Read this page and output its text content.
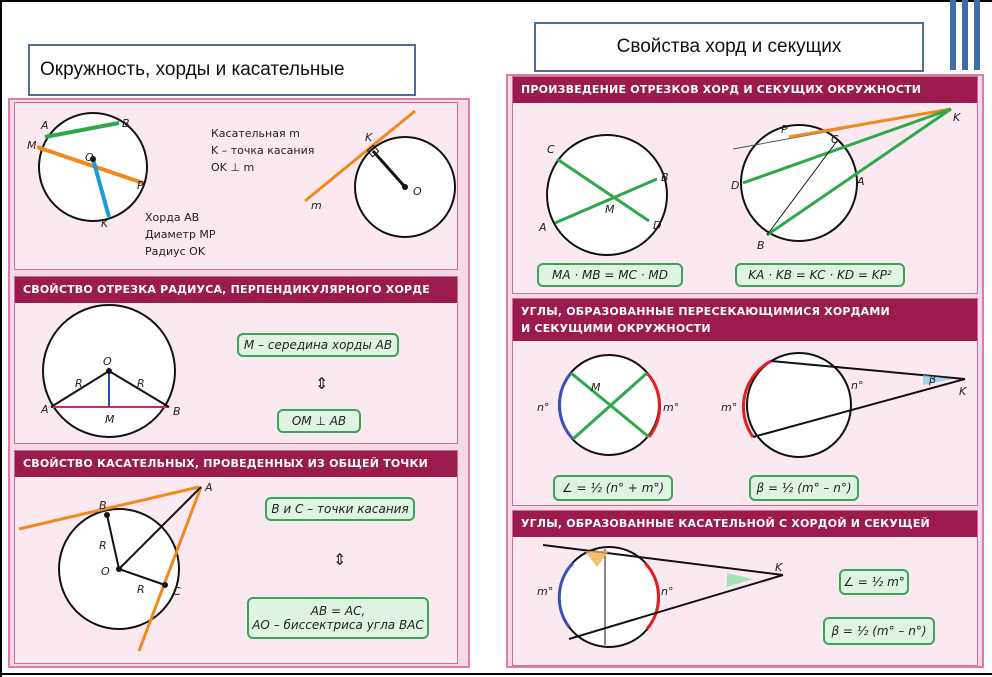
Окружность, хорды и касательные
Свойства хорд и секущих
A	B
M
O
P
K
K
O
m
Касательная m
K – точка касания
OK ⊥ m
Хорда AB
Диаметр MP
Радиус OK
СВОЙСТВО ОТРЕЗКА РАДИУСА, ПЕРПЕНДИКУЛЯРНОГО ХОРДЕ
O
R	R
A	B
M
⇕
M – середина хорды AB
OM ⊥ AB
СВОЙСТВО КАСАТЕЛЬНЫХ, ПРОВЕДЕННЫХ ИЗ ОБЩЕЙ ТОЧКИ
A
B
C
O
R
R
⇕
B и C – точки касания
AB = AC,
AO – биссектриса угла BAC
ПРОИЗВЕДЕНИЕ ОТРЕЗКОВ ХОРД И СЕКУЩИХ ОКРУЖНОСТИ
C
B
A	D
M
P
C
D	A
B
K
MA · MB = MC · MD	KA · KB = KC · KD = KP²
УГЛЫ, ОБРАЗОВАННЫЕ ПЕРЕСЕКАЮЩИМИСЯ ХОРДАМИ
И СЕКУЩИМИ ОКРУЖНОСТИ
n°	m°
M
β
K
m°
n°
∠ = ½ (n° + m°)	β = ½ (m° – n°)
УГЛЫ, ОБРАЗОВАННЫЕ КАСАТЕЛЬНОЙ С ХОРДОЙ И СЕКУЩЕЙ
m°	n°
K
∠ = ½ m°
β = ½ (m° – n°)
